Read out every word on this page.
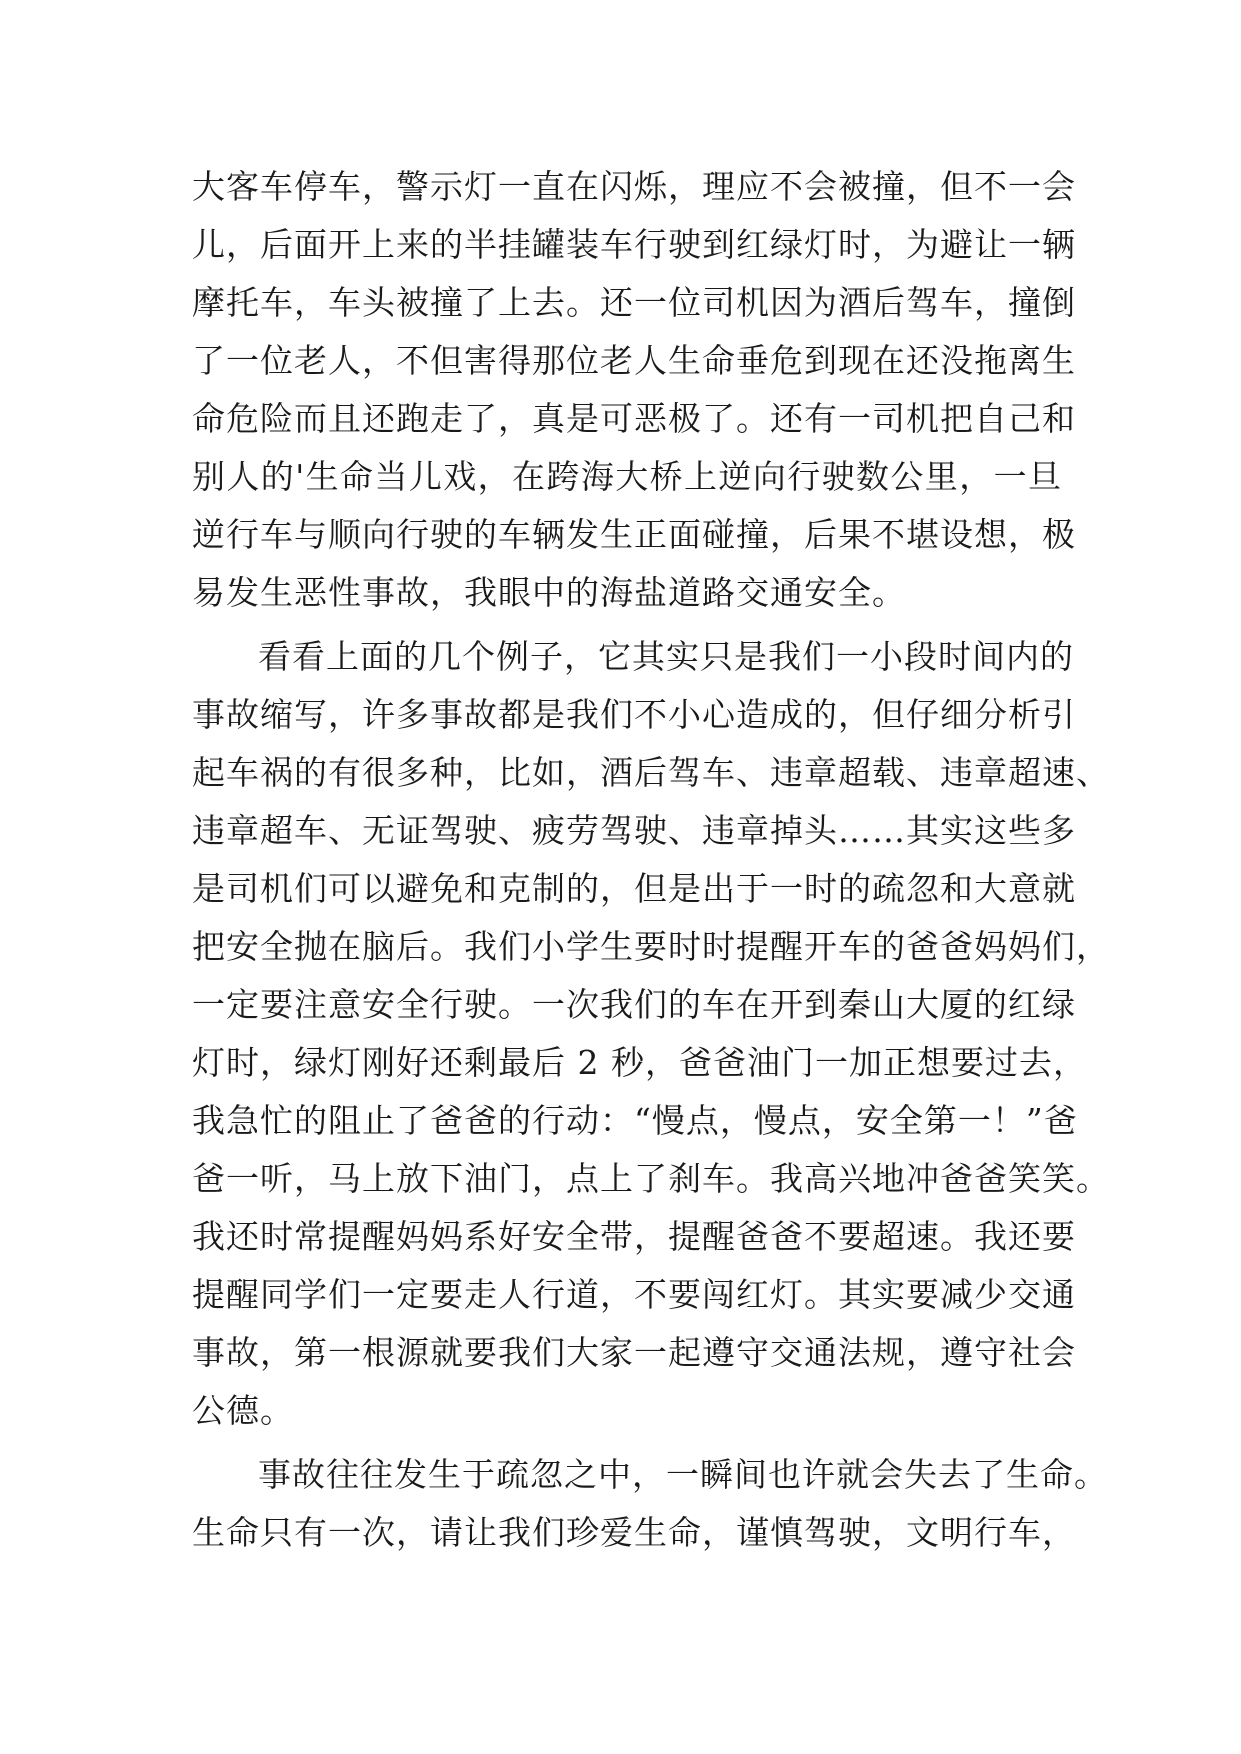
大客车停车，警示灯一直在闪烁，理应不会被撞，但不一会
儿，后面开上来的半挂罐装车行驶到红绿灯时，为避让一辆
摩托车，车头被撞了上去。还一位司机因为酒后驾车，撞倒
了一位老人，不但害得那位老人生命垂危到现在还没拖离生
命危险而且还跑走了，真是可恶极了。还有一司机把自己和
别人的'生命当儿戏，在跨海大桥上逆向行驶数公里，一旦
逆行车与顺向行驶的车辆发生正面碰撞，后果不堪设想，极
易发生恶性事故，我眼中的海盐道路交通安全。
看看上面的几个例子，它其实只是我们一小段时间内的
事故缩写，许多事故都是我们不小心造成的，但仔细分析引
起车祸的有很多种，比如，酒后驾车、违章超载、违章超速、
违章超车、无证驾驶、疲劳驾驶、违章掉头……其实这些多
是司机们可以避免和克制的，但是出于一时的疏忽和大意就
把安全抛在脑后。我们小学生要时时提醒开车的爸爸妈妈们，
一定要注意安全行驶。一次我们的车在开到秦山大厦的红绿
灯时，绿灯刚好还剩最后 2 秒，爸爸油门一加正想要过去，
我急忙的阻止了爸爸的行动：“慢点，慢点，安全第一！”爸
爸一听，马上放下油门，点上了刹车。我高兴地冲爸爸笑笑。
我还时常提醒妈妈系好安全带，提醒爸爸不要超速。我还要
提醒同学们一定要走人行道，不要闯红灯。其实要减少交通
事故，第一根源就要我们大家一起遵守交通法规，遵守社会
公德。
事故往往发生于疏忽之中，一瞬间也许就会失去了生命。
生命只有一次，请让我们珍爱生命，谨慎驾驶，文明行车，
